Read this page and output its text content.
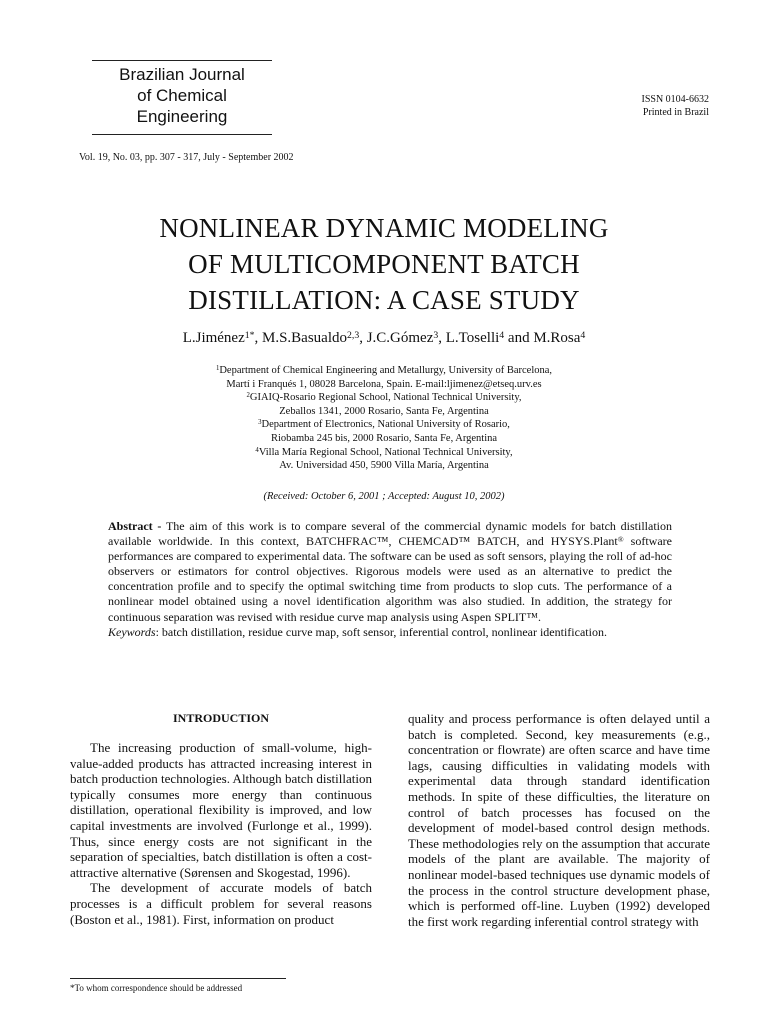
Brazilian Journal
of Chemical
Engineering
ISSN 0104-6632
Printed in Brazil
Vol. 19, No. 03, pp. 307 - 317, July - September 2002
NONLINEAR DYNAMIC MODELING
OF MULTICOMPONENT BATCH
DISTILLATION: A CASE STUDY
L.Jiménez$^{1*}$, M.S.Basualdo$^{2,3}$, J.C.Gómez$^3$, L.Toselli$^4$ and M.Rosa$^4$
$^1$Department of Chemical Engineering and Metallurgy, University of Barcelona,
Martí i Franqués 1, 08028 Barcelona, Spain. E-mail:ljimenez@etseq.urv.es
$^2$GIAIQ-Rosario Regional School, National Technical University,
Zeballos 1341, 2000 Rosario, Santa Fe, Argentina
$^3$Department of Electronics, National University of Rosario,
Riobamba 245 bis, 2000 Rosario, Santa Fe, Argentina
$^4$Villa María Regional School, National Technical University,
Av. Universidad 450, 5900 Villa María, Argentina
(Received: October 6, 2001 ; Accepted: August 10, 2002)

Abstract - The aim of this work is to compare several of the commercial dynamic models for batch distillation available worldwide. In this context, BATCHFRAC™, CHEMCAD™ BATCH, and HYSYS.Plant® software performances are compared to experimental data. The software can be used as soft sensors, playing the roll of ad-hoc observers or estimators for control objectives. Rigorous models were used as an alternative to predict the concentration profile and to specify the optimal switching time from products to slop cuts. The performance of a nonlinear model obtained using a novel identification algorithm was also studied. In addition, the strategy for continuous separation was revised with residue curve map analysis using Aspen SPLIT™.

Keywords: batch distillation, residue curve map, soft sensor, inferential control, nonlinear identification.

INTRODUCTION

The increasing production of small-volume, high-value-added products has attracted increasing interest in batch production technologies. Although batch distillation typically consumes more energy than continuous distillation, operational flexibility is improved, and low capital investments are involved (Furlonge et al., 1999). Thus, since energy costs are not significant in the separation of specialties, batch distillation is often a cost-attractive alternative (Sørensen and Skogestad, 1996).

The development of accurate models of batch processes is a difficult problem for several reasons (Boston et al., 1981). First, information on product

quality and process performance is often delayed until a batch is completed. Second, key measurements (e.g., concentration or flowrate) are often scarce and have time lags, causing difficulties in validating models with experimental data through standard identification methods. In spite of these difficulties, the literature on control of batch processes has focused on the development of model-based control design methods. These methodologies rely on the assumption that accurate models of the plant are available. The majority of nonlinear model-based techniques use dynamic models of the process in the control structure development phase, which is performed off-line. Luyben (1992) developed the first work regarding inferential control strategy with

*To whom correspondence should be addressed
